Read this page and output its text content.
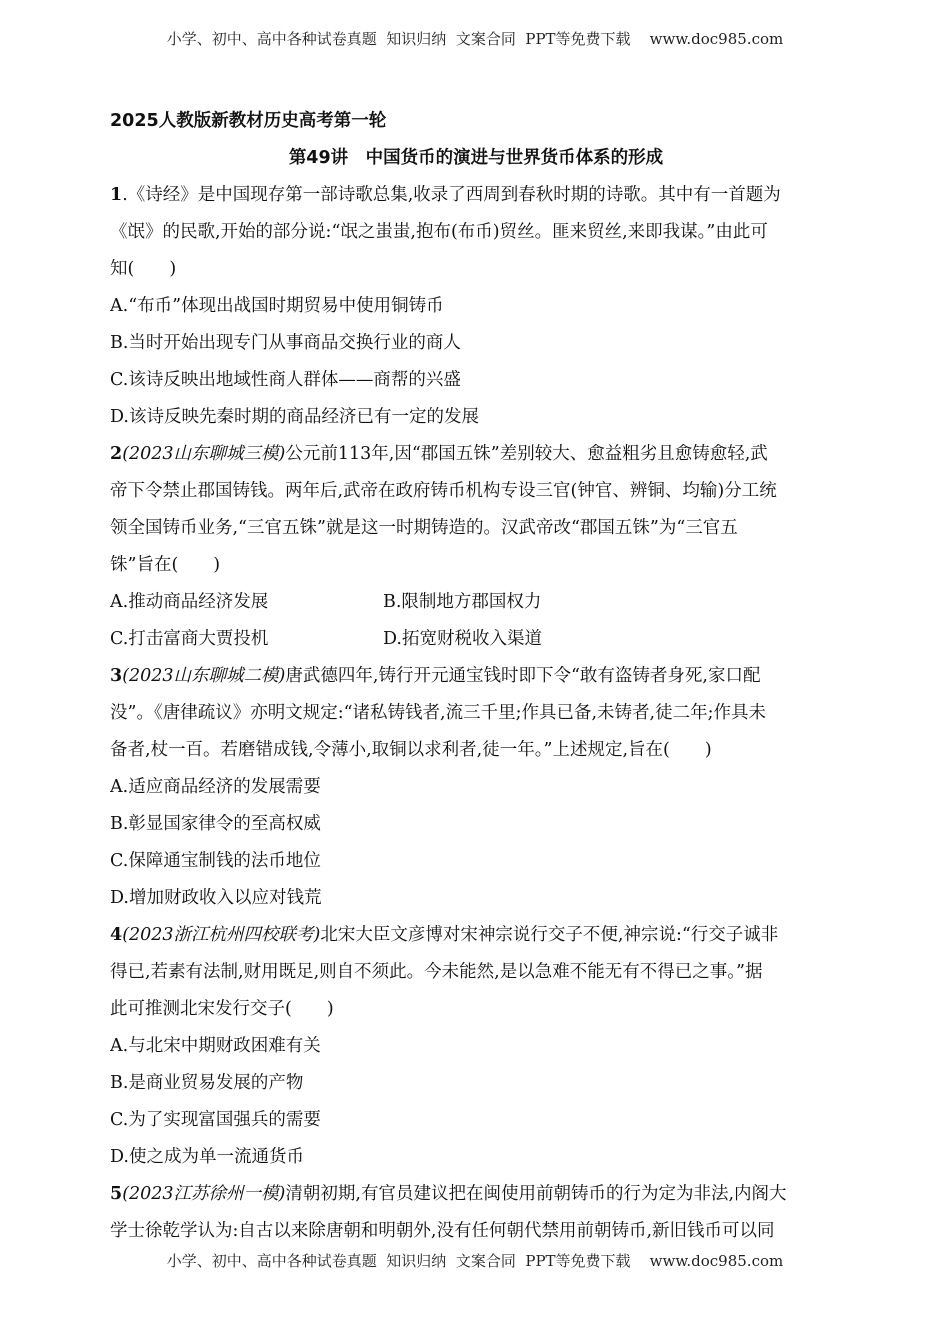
小学、初中、高中各种试卷真题  知识归纳  文案合同  PPT等免费下载 www.doc985.com
2025人教版新教材历史高考第一轮
第49讲　中国货币的演进与世界货币体系的形成
1.《诗经》是中国现存第一部诗歌总集,收录了西周到春秋时期的诗歌。其中有一首题为
《氓》的民歌,开始的部分说:“氓之蚩蚩,抱布(布币)贸丝。匪来贸丝,来即我谋。”由此可
知(　　)
A.“布币”体现出战国时期贸易中使用铜铸币
B.当时开始出现专门从事商品交换行业的商人
C.该诗反映出地域性商人群体——商帮的兴盛
D.该诗反映先秦时期的商品经济已有一定的发展
2(2023山东聊城三模)公元前113年,因“郡国五铢”差别较大、愈益粗劣且愈铸愈轻,武
帝下令禁止郡国铸钱。两年后,武帝在政府铸币机构专设三官(钟官、辨铜、均输)分工统
领全国铸币业务,“三官五铢”就是这一时期铸造的。汉武帝改“郡国五铢”为“三官五
铢”旨在(　　)
A.推动商品经济发展	B.限制地方郡国权力
C.打击富商大贾投机	D.拓宽财税收入渠道
3(2023山东聊城二模)唐武德四年,铸行开元通宝钱时即下令“敢有盗铸者身死,家口配
没”。《唐律疏议》亦明文规定:“诸私铸钱者,流三千里;作具已备,未铸者,徒二年;作具未
备者,杖一百。若磨错成钱,令薄小,取铜以求利者,徒一年。”上述规定,旨在(　　)
A.适应商品经济的发展需要
B.彰显国家律令的至高权威
C.保障通宝制钱的法币地位
D.增加财政收入以应对钱荒
4(2023浙江杭州四校联考)北宋大臣文彦博对宋神宗说行交子不便,神宗说:“行交子诚非
得已,若素有法制,财用既足,则自不须此。今未能然,是以急难不能无有不得已之事。”据
此可推测北宋发行交子(　　)
A.与北宋中期财政困难有关
B.是商业贸易发展的产物
C.为了实现富国强兵的需要
D.使之成为单一流通货币
5(2023江苏徐州一模)清朝初期,有官员建议把在闽使用前朝铸币的行为定为非法,内阁大
学士徐乾学认为:自古以来除唐朝和明朝外,没有任何朝代禁用前朝铸币,新旧钱币可以同
小学、初中、高中各种试卷真题  知识归纳  文案合同  PPT等免费下载 www.doc985.com
